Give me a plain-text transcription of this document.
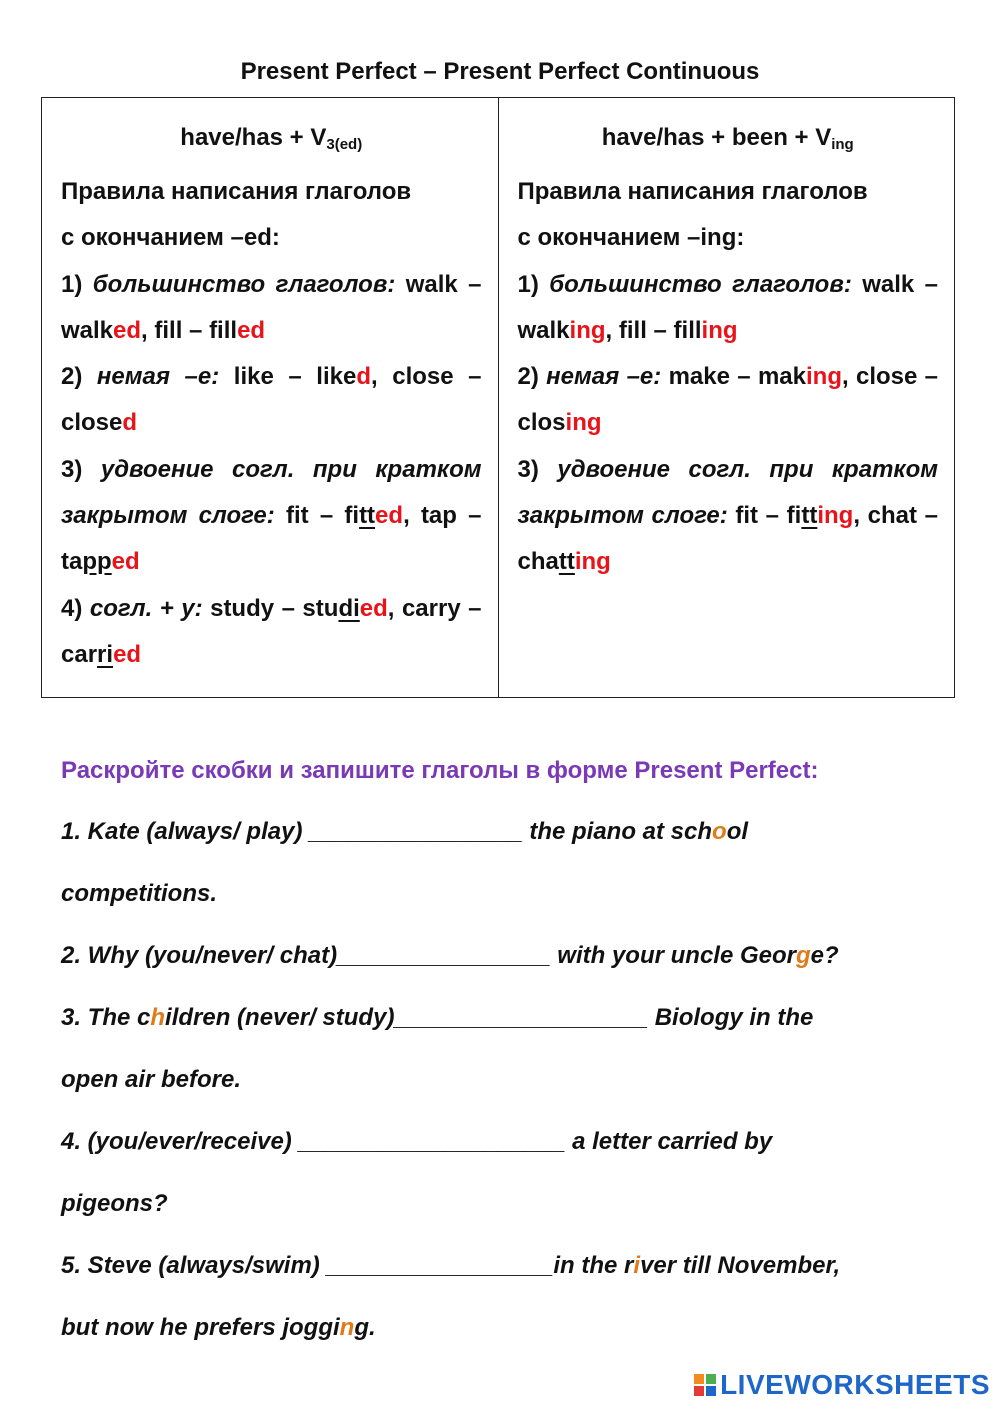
Present Perfect – Present Perfect Continuous
have/has + $V_{3(ed)}$

Правила написания глаголов
с окончанием –ed:

1) большинство глаголов: walk – walked, fill – filled

2) немая –е: like – liked, close – closed

3) удвоение согл. при кратком закрытом слоге: fit – fitted, tap – tapped

4) согл. + y: study – studied, carry – carried

have/has + been + $V_{ing}$

Правила написания глаголов
с окончанием –ing:

1) большинство глаголов: walk – walking, fill – filling

2) немая –е: make – making, close – closing

3) удвоение согл. при кратком закрытом слоге: fit – fitting, chat – chatting

Раскройте скобки и запишите глаголы в форме Present Perfect:
1. Kate (always/ play) ________________ the piano at school
competitions.
2. Why (you/never/ chat)________________ with your uncle George?
3. The children (never/ study)___________________ Biology in the
open air before.
4. (you/ever/receive) ____________________ a letter carried by
pigeons?
5. Steve (always/swim) _________________in the river till November,
but now he prefers jogging.
LIVEWORKSHEETS
